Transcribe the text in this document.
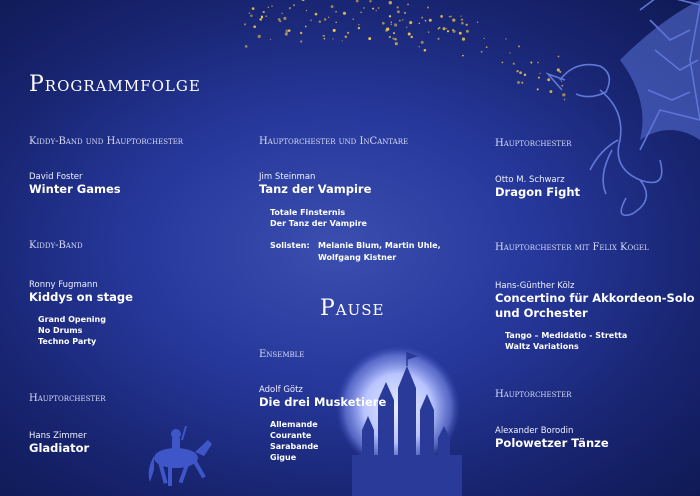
Programmfolge
Pause
Kiddy-Band und Hauptorchester
David Foster
Winter Games
Kiddy-Band
Ronny Fugmann
Kiddys on stage
Grand Opening
No Drums
Techno Party
Hauptorchester
Hans Zimmer
Gladiator
Hauptorchester und InCantare
Jim Steinman
Tanz der Vampire
Totale Finsternis
Der Tanz der Vampire
Solisten:	Melanie Blum, Martin Uhle,
Wolfgang Kistner
Ensemble
Adolf Götz
Die drei Musketiere
Allemande
Courante
Sarabande
Gigue
Hauptorchester
Otto M. Schwarz
Dragon Fight
Hauptorchester mit Felix Kogel
Hans-Günther Kölz
Concertino für Akkordeon-Solo
und Orchester
Tango – Medidatio - Stretta
Waltz Variations
Hauptorchester
Alexander Borodin
Polowetzer Tänze
